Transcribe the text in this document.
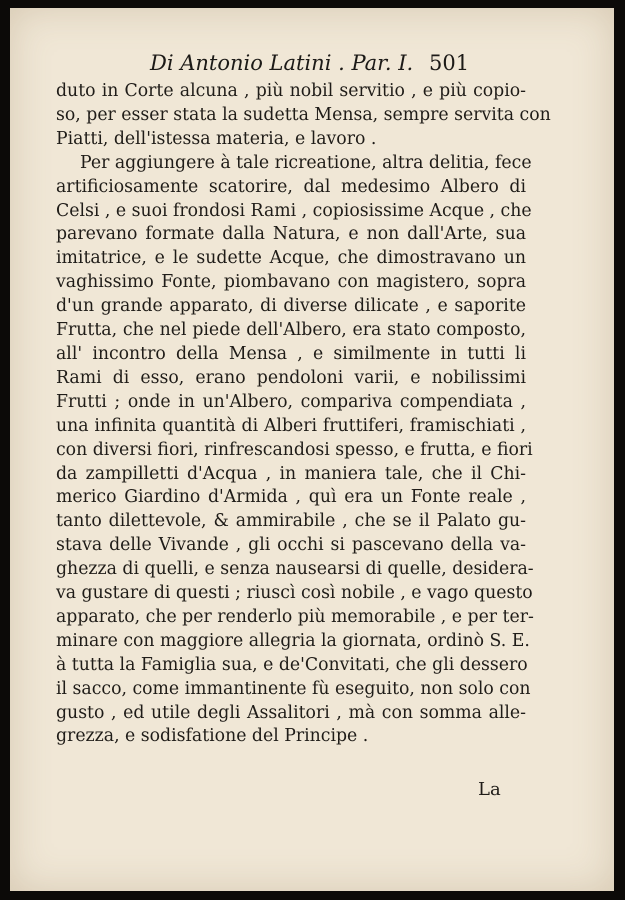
Di Antonio Latini . Par. I. 501
duto in Corte alcuna , più nobil servitio , e più copio-
so, per esser stata la sudetta Mensa, sempre servita con
Piatti, dell'istessa materia, e lavoro .
Per aggiungere à tale ricreatione, altra delitia, fece
artificiosamente scatorire, dal medesimo Albero di
Celsi , e suoi frondosi Rami , copiosissime Acque , che
parevano formate dalla Natura, e non dall'Arte, sua
imitatrice, e le sudette Acque, che dimostravano un
vaghissimo Fonte, piombavano con magistero, sopra
d'un grande apparato, di diverse dilicate , e saporite
Frutta, che nel piede dell'Albero, era stato composto,
all' incontro della Mensa , e similmente in tutti li
Rami di esso, erano pendoloni varii, e nobilissimi
Frutti ; onde in un'Albero, compariva compendiata ,
una infinita quantità di Alberi fruttiferi, framischiati ,
con diversi fiori, rinfrescandosi spesso, e frutta, e fiori
da zampilletti d'Acqua , in maniera tale, che il Chi-
merico Giardino d'Armida , quì era un Fonte reale ,
tanto dilettevole, & ammirabile , che se il Palato gu-
stava delle Vivande , gli occhi si pascevano della va-
ghezza di quelli, e senza nausearsi di quelle, desidera-
va gustare di questi ; riuscì così nobile , e vago questo
apparato, che per renderlo più memorabile , e per ter-
minare con maggiore allegria la giornata, ordinò S. E.
à tutta la Famiglia sua, e de'Convitati, che gli dessero
il sacco, come immantinente fù eseguito, non solo con
gusto , ed utile degli Assalitori , mà con somma alle-
grezza, e sodisfatione del Principe .
La
